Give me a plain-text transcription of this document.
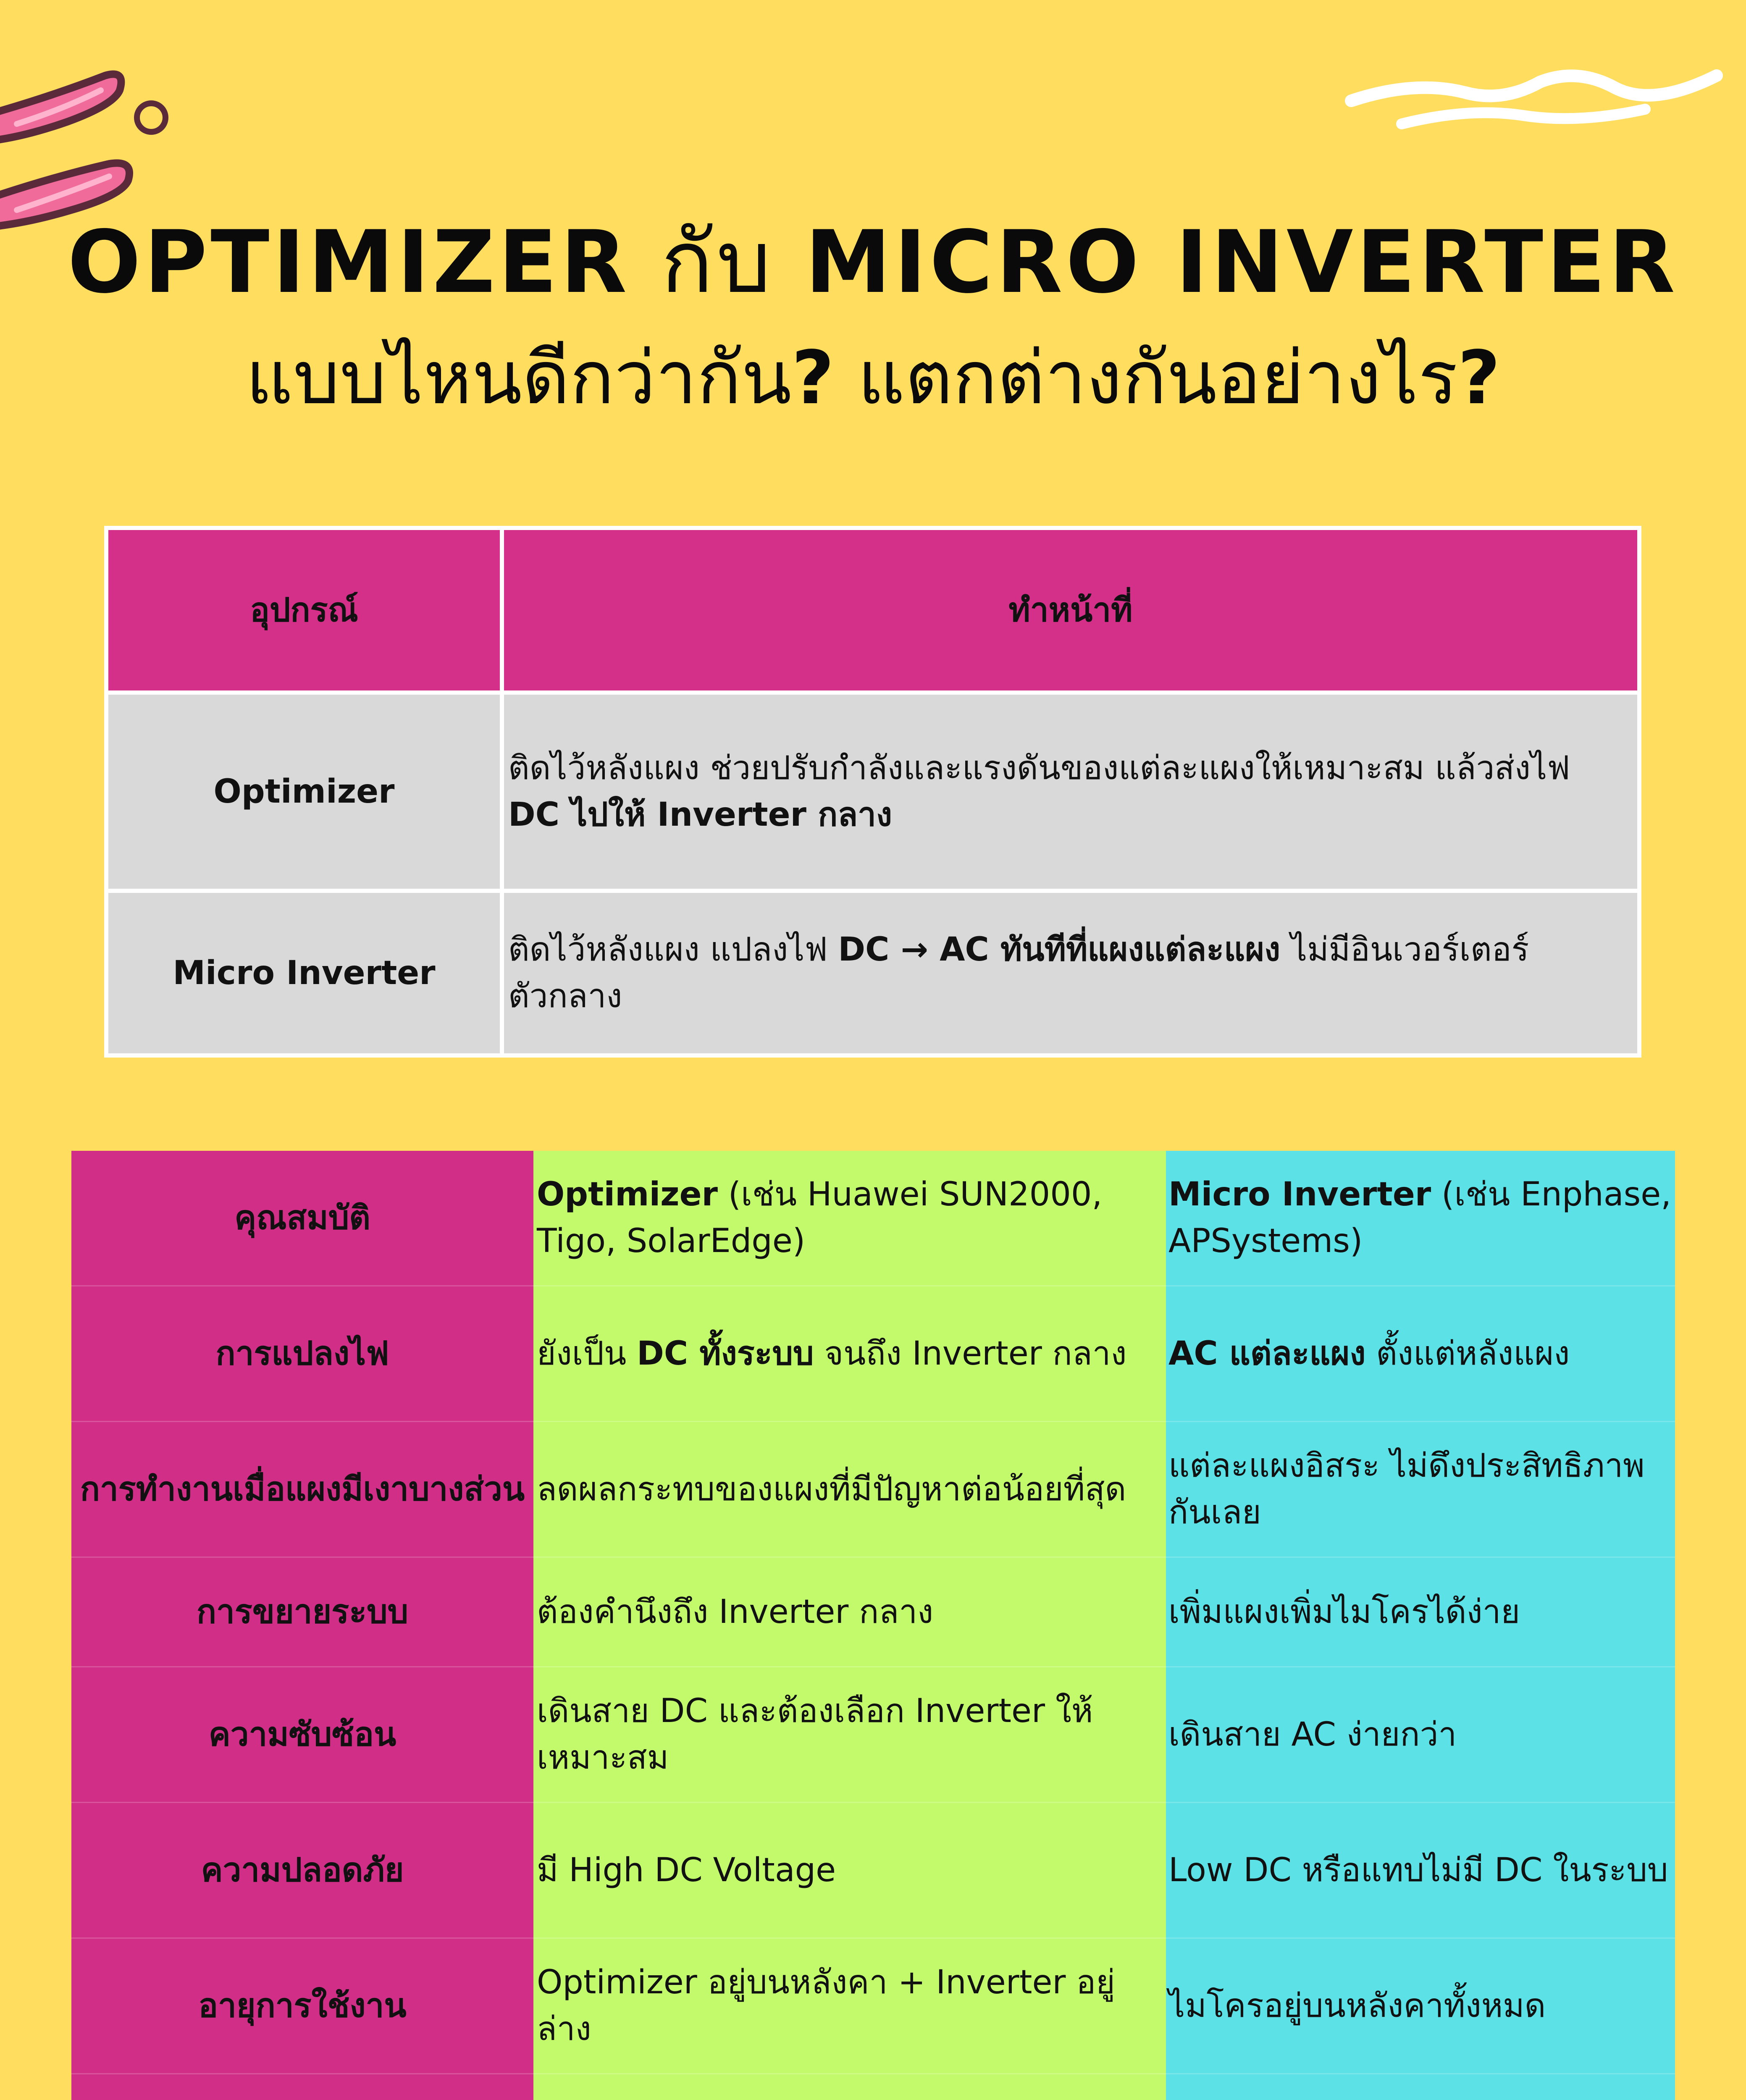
OPTIMIZER กับ MICRO INVERTER
แบบไหนดีกว่ากัน? แตกต่างกันอย่างไร?
อุปกรณ์	ทำหน้าที่
Optimizer	ติดไว้หลังแผง ช่วยปรับกำลังและแรงดันของแต่ละแผงให้เหมาะสม แล้วส่งไฟ DC ไปให้ Inverter กลาง
Micro Inverter	ติดไว้หลังแผง แปลงไฟ DC → AC ทันทีที่แผงแต่ละแผง ไม่มีอินเวอร์เตอร์ตัวกลาง
คุณสมบัติ	Optimizer (เช่น Huawei SUN2000, Tigo, SolarEdge)	Micro Inverter (เช่น Enphase, APSystems)
การแปลงไฟ	ยังเป็น DC ทั้งระบบ จนถึง Inverter กลาง	AC แต่ละแผง ตั้งแต่หลังแผง
การทำงานเมื่อแผงมีเงาบางส่วน	ลดผลกระทบของแผงที่มีปัญหาต่อน้อยที่สุด	แต่ละแผงอิสระ ไม่ดึงประสิทธิภาพกันเลย
การขยายระบบ	ต้องคำนึงถึง Inverter กลาง	เพิ่มแผงเพิ่มไมโครได้ง่าย
ความซับซ้อน	เดินสาย DC และต้องเลือก Inverter ให้เหมาะสม	เดินสาย AC ง่ายกว่า
ความปลอดภัย	มี High DC Voltage	Low DC หรือแทบไม่มี DC ในระบบ
อายุการใช้งาน	Optimizer อยู่บนหลังคา + Inverter อยู่ล่าง	ไมโครอยู่บนหลังคาทั้งหมด
